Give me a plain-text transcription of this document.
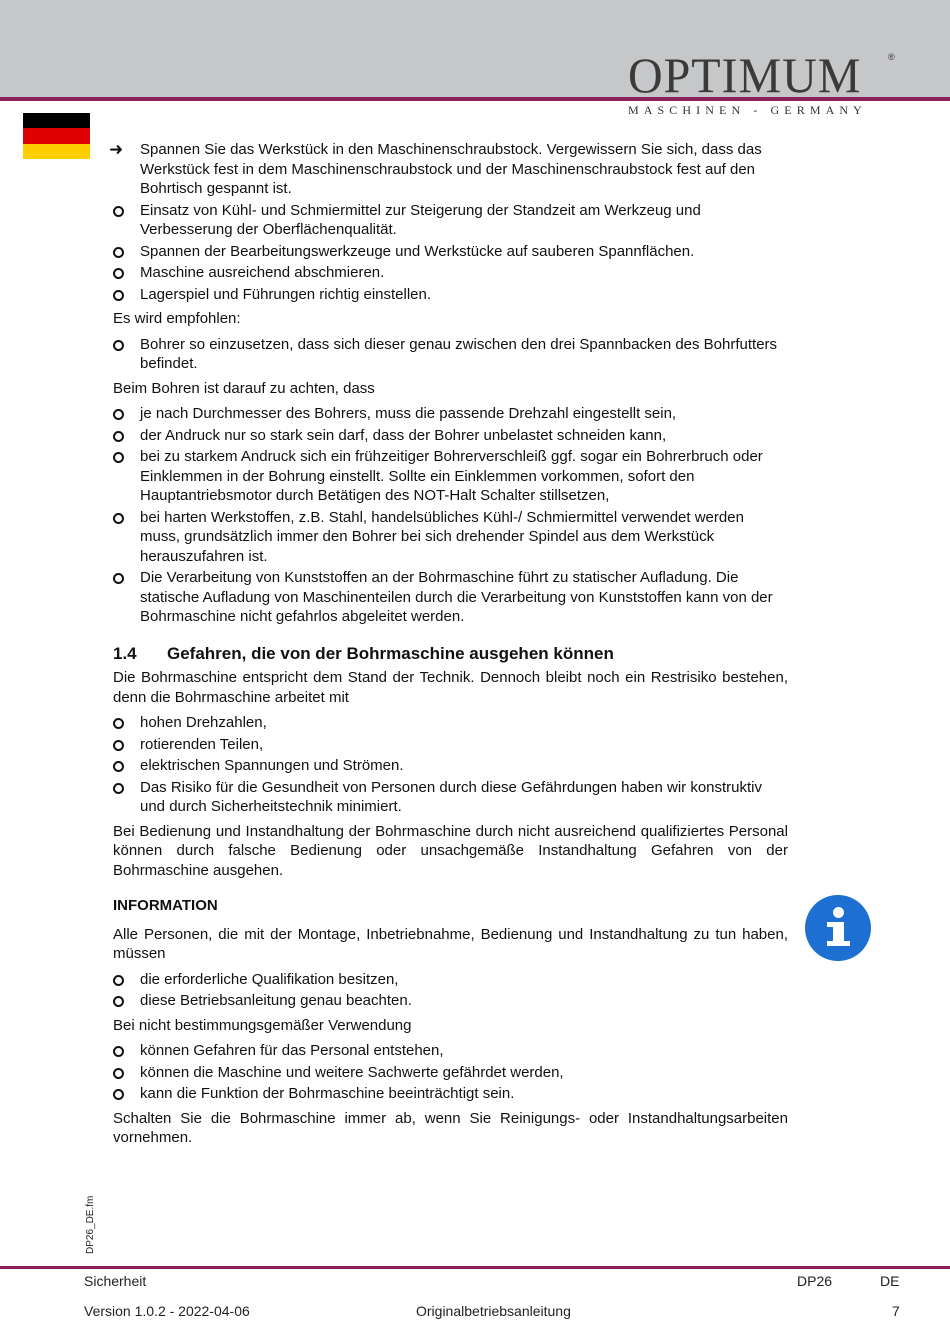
OPTIMUM	®
MASCHINEN - GERMANY
➜ Spannen Sie das Werkstück in den Maschinenschraubstock. Vergewissern Sie sich, dass das Werkstück fest in dem Maschinenschraubstock und der Maschinenschraubstock fest auf den Bohrtisch gespannt ist.
Einsatz von Kühl- und Schmiermittel zur Steigerung der Standzeit am Werkzeug und Verbesserung der Oberflächenqualität.
Spannen der Bearbeitungswerkzeuge und Werkstücke auf sauberen Spannflächen.
Maschine ausreichend abschmieren.
Lagerspiel und Führungen richtig einstellen.
Es wird empfohlen:
Bohrer so einzusetzen, dass sich dieser genau zwischen den drei Spannbacken des Bohrfutters befindet.
Beim Bohren ist darauf zu achten, dass
je nach Durchmesser des Bohrers, muss die passende Drehzahl eingestellt sein,
der Andruck nur so stark sein darf, dass der Bohrer unbelastet schneiden kann,
bei zu starkem Andruck sich ein frühzeitiger Bohrerverschleiß ggf. sogar ein Bohrerbruch oder Einklemmen in der Bohrung einstellt. Sollte ein Einklemmen vorkommen, sofort den Hauptantriebsmotor durch Betätigen des NOT-Halt Schalter stillsetzen,
bei harten Werkstoffen, z.B. Stahl, handelsübliches Kühl-/ Schmiermittel verwendet werden muss, grundsätzlich immer den Bohrer bei sich drehender Spindel aus dem Werkstück herauszufahren ist.
Die Verarbeitung von Kunststoffen an der Bohrmaschine führt zu statischer Aufladung. Die statische Aufladung von Maschinenteilen durch die Verarbeitung von Kunststoffen kann von der Bohrmaschine nicht gefahrlos abgeleitet werden.
1.4	Gefahren, die von der Bohrmaschine ausgehen können
Die Bohrmaschine entspricht dem Stand der Technik. Dennoch bleibt noch ein Restrisiko bestehen, denn die Bohrmaschine arbeitet mit
hohen Drehzahlen,
rotierenden Teilen,
elektrischen Spannungen und Strömen.
Das Risiko für die Gesundheit von Personen durch diese Gefährdungen haben wir konstruktiv und durch Sicherheitstechnik minimiert.
Bei Bedienung und Instandhaltung der Bohrmaschine durch nicht ausreichend qualifiziertes Personal können durch falsche Bedienung oder unsachgemäße Instandhaltung Gefahren von der Bohrmaschine ausgehen.
INFORMATION
Alle Personen, die mit der Montage, Inbetriebnahme, Bedienung und Instandhaltung zu tun haben, müssen
die erforderliche Qualifikation besitzen,
diese Betriebsanleitung genau beachten.
Bei nicht bestimmungsgemäßer Verwendung
können Gefahren für das Personal entstehen,
können die Maschine und weitere Sachwerte gefährdet werden,
kann die Funktion der Bohrmaschine beeinträchtigt sein.
Schalten Sie die Bohrmaschine immer ab, wenn Sie Reinigungs- oder Instandhaltungsarbeiten vornehmen.
DP26_DE.fm
Sicherheit	DP26	DE
Version 1.0.2 - 2022-04-06	Originalbetriebsanleitung	7
